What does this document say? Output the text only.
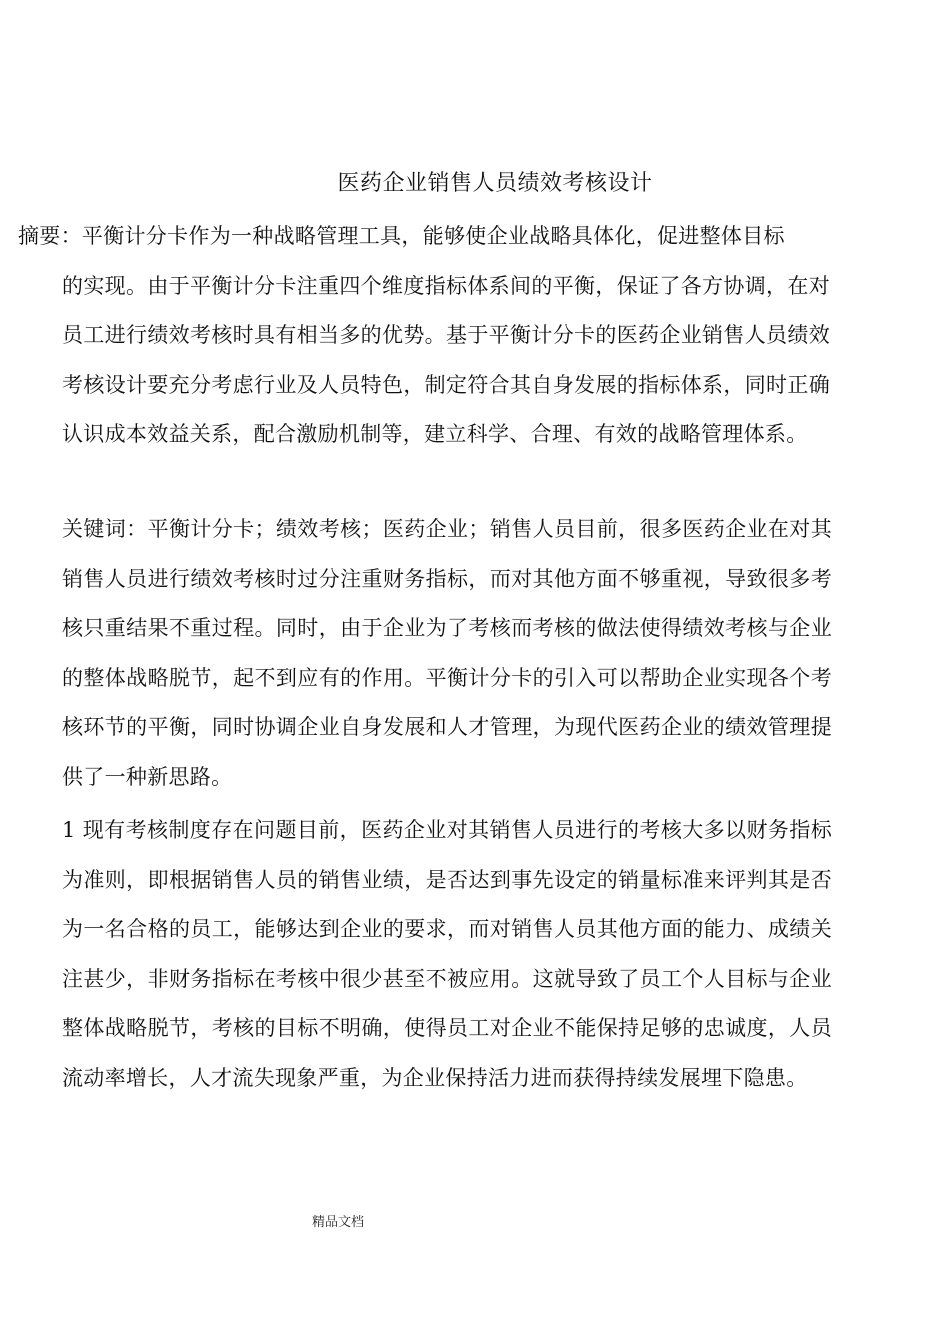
医药企业销售人员绩效考核设计
摘要：平衡计分卡作为一种战略管理工具，能够使企业战略具体化，促进整体目标
的实现。由于平衡计分卡注重四个维度指标体系间的平衡，保证了各方协调，在对员工进行绩效考核时具有相当多的优势。基于平衡计分卡的医药企业销售人员绩效考核设计要充分考虑行业及人员特色，制定符合其自身发展的指标体系，同时正确认识成本效益关系，配合激励机制等，建立科学、合理、有效的战略管理体系。
关键词：平衡计分卡；绩效考核；医药企业；销售人员目前，很多医药企业在对其销售人员进行绩效考核时过分注重财务指标，而对其他方面不够重视，导致很多考核只重结果不重过程。同时，由于企业为了考核而考核的做法使得绩效考核与企业的整体战略脱节，起不到应有的作用。平衡计分卡的引入可以帮助企业实现各个考核环节的平衡，同时协调企业自身发展和人才管理，为现代医药企业的绩效管理提供了一种新思路。
1 现有考核制度存在问题目前，医药企业对其销售人员进行的考核大多以财务指标为准则，即根据销售人员的销售业绩，是否达到事先设定的销量标准来评判其是否为一名合格的员工，能够达到企业的要求，而对销售人员其他方面的能力、成绩关注甚少，非财务指标在考核中很少甚至不被应用。这就导致了员工个人目标与企业整体战略脱节，考核的目标不明确，使得员工对企业不能保持足够的忠诚度，人员流动率增长，人才流失现象严重，为企业保持活力进而获得持续发展埋下隐患。
精品文档
